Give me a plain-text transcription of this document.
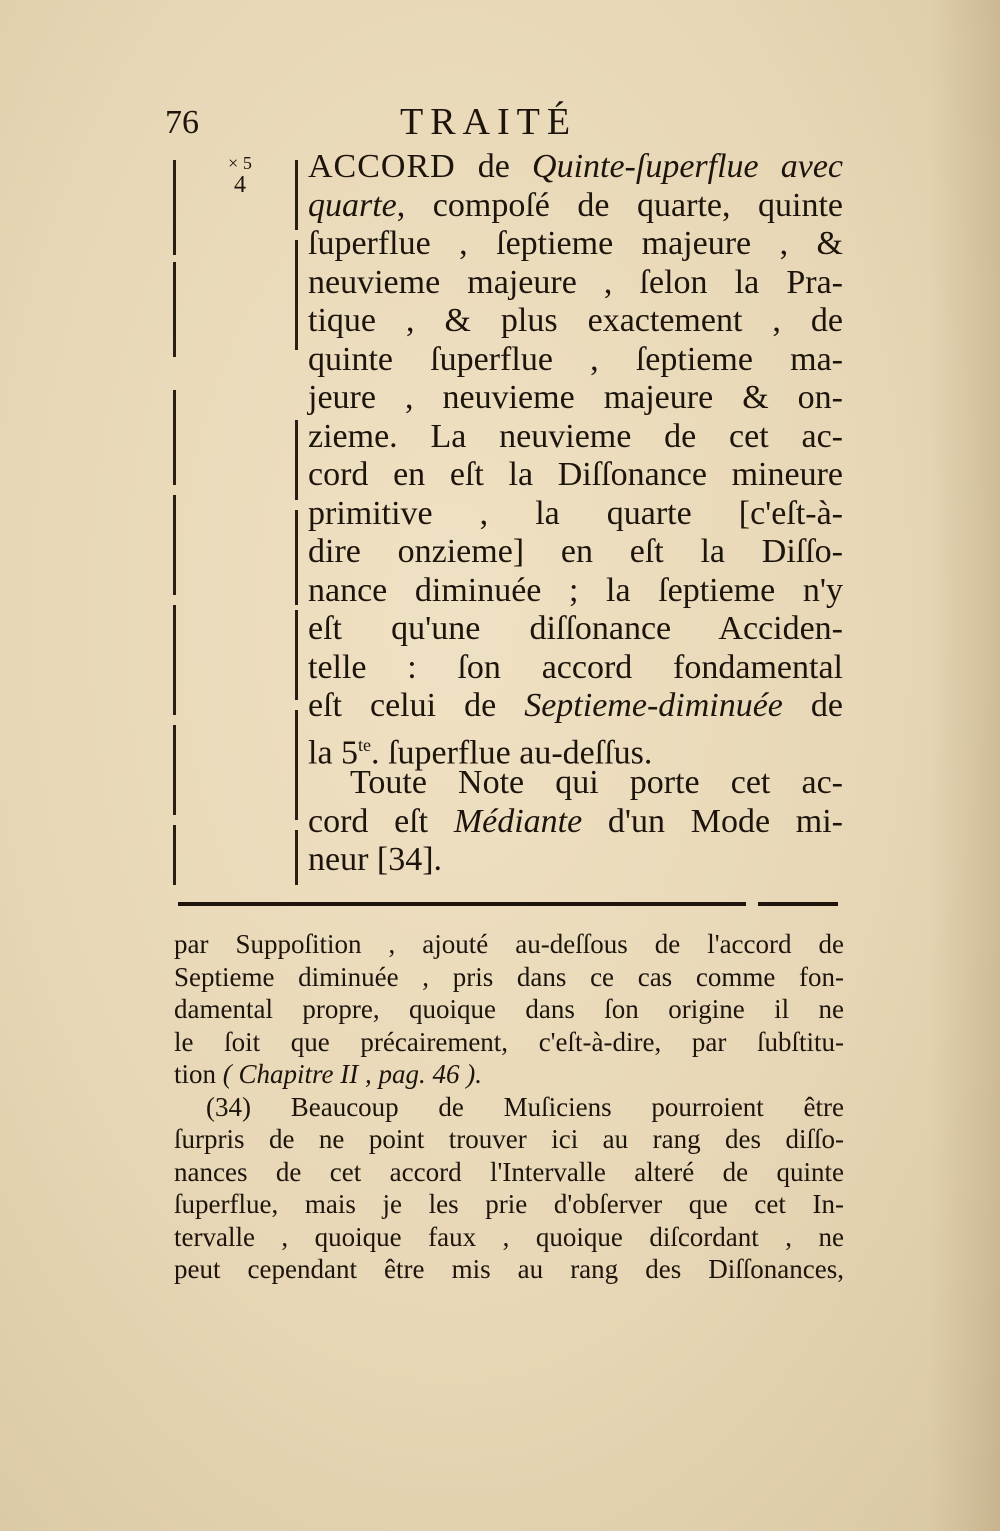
76	TRAITÉ
× 5
4	ACCORD de Quinte-ſuperflue avec
quarte, compoſé de quarte, quinte
ſuperflue , ſeptieme majeure , &
neuvieme majeure , ſelon la Pra-
tique , & plus exactement , de
quinte ſuperflue , ſeptieme ma-
jeure , neuvieme majeure & on-
zieme. La neuvieme de cet ac-
cord en eſt la Diſſonance mineure
primitive , la quarte [c'eſt-à-
dire onzieme] en eſt la Diſſo-
nance diminuée ; la ſeptieme n'y
eſt qu'une diſſonance Acciden-
telle : ſon accord fondamental
eſt celui de Septieme-diminuée de
la $5^{te}$. ſuperflue au-deſſus.
Toute Note qui porte cet ac-
cord eſt Médiante d'un Mode mi-
neur [34].
par Suppoſition , ajouté au-deſſous de l'accord de
Septieme diminuée , pris dans ce cas comme fon-
damental propre, quoique dans ſon origine il ne
le ſoit que précairement, c'eſt-à-dire, par ſubſtitu-
tion ( Chapitre II , pag. 46 ).
(34) Beaucoup de Muſiciens pourroient être
ſurpris de ne point trouver ici au rang des diſſo-
nances de cet accord l'Intervalle alteré de quinte
ſuperflue, mais je les prie d'obſerver que cet In-
tervalle , quoique faux , quoique diſcordant , ne
peut cependant être mis au rang des Diſſonances,
